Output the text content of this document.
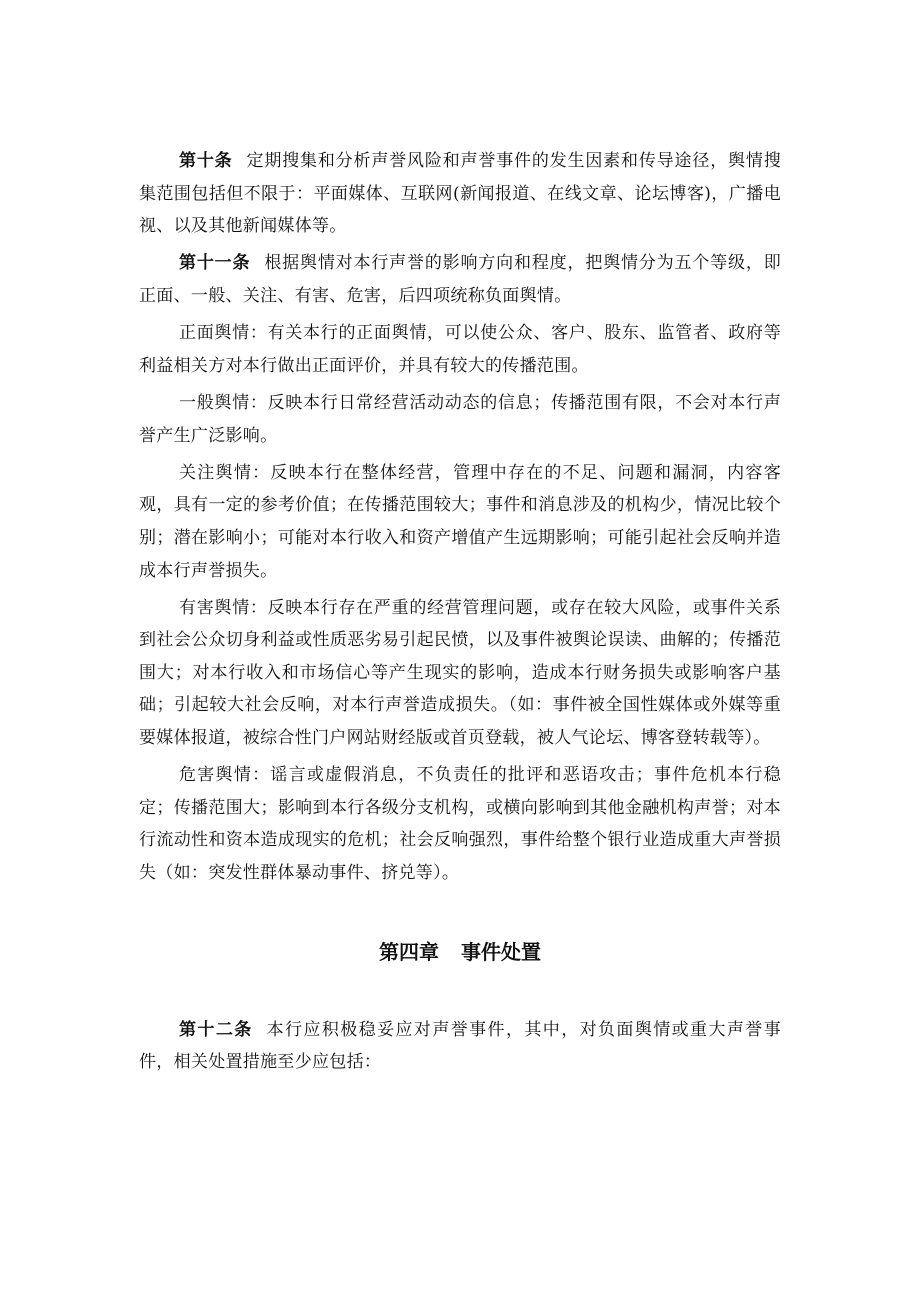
第十条 定期搜集和分析声誉风险和声誉事件的发生因素和传导途径，舆情搜集范围包括但不限于：平面媒体、互联网(新闻报道、在线文章、论坛博客)，广播电视、以及其他新闻媒体等。

第十一条 根据舆情对本行声誉的影响方向和程度，把舆情分为五个等级，即正面、一般、关注、有害、危害，后四项统称负面舆情。

正面舆情：有关本行的正面舆情，可以使公众、客户、股东、监管者、政府等利益相关方对本行做出正面评价，并具有较大的传播范围。

一般舆情：反映本行日常经营活动动态的信息；传播范围有限，不会对本行声誉产生广泛影响。

关注舆情：反映本行在整体经营，管理中存在的不足、问题和漏洞，内容客观，具有一定的参考价值；在传播范围较大；事件和消息涉及的机构少，情况比较个别；潜在影响小；可能对本行收入和资产增值产生远期影响；可能引起社会反响并造成本行声誉损失。

有害舆情：反映本行存在严重的经营管理问题，或存在较大风险，或事件关系到社会公众切身利益或性质恶劣易引起民愤，以及事件被舆论误读、曲解的；传播范围大；对本行收入和市场信心等产生现实的影响，造成本行财务损失或影响客户基础；引起较大社会反响，对本行声誉造成损失。（如：事件被全国性媒体或外媒等重要媒体报道，被综合性门户网站财经版或首页登载，被人气论坛、博客登转载等）。

危害舆情：谣言或虚假消息，不负责任的批评和恶语攻击；事件危机本行稳定；传播范围大；影响到本行各级分支机构，或横向影响到其他金融机构声誉；对本行流动性和资本造成现实的危机；社会反响强烈，事件给整个银行业造成重大声誉损失（如：突发性群体暴动事件、挤兑等）。

第四章 事件处置

第十二条 本行应积极稳妥应对声誉事件，其中，对负面舆情或重大声誉事件，相关处置措施至少应包括：
